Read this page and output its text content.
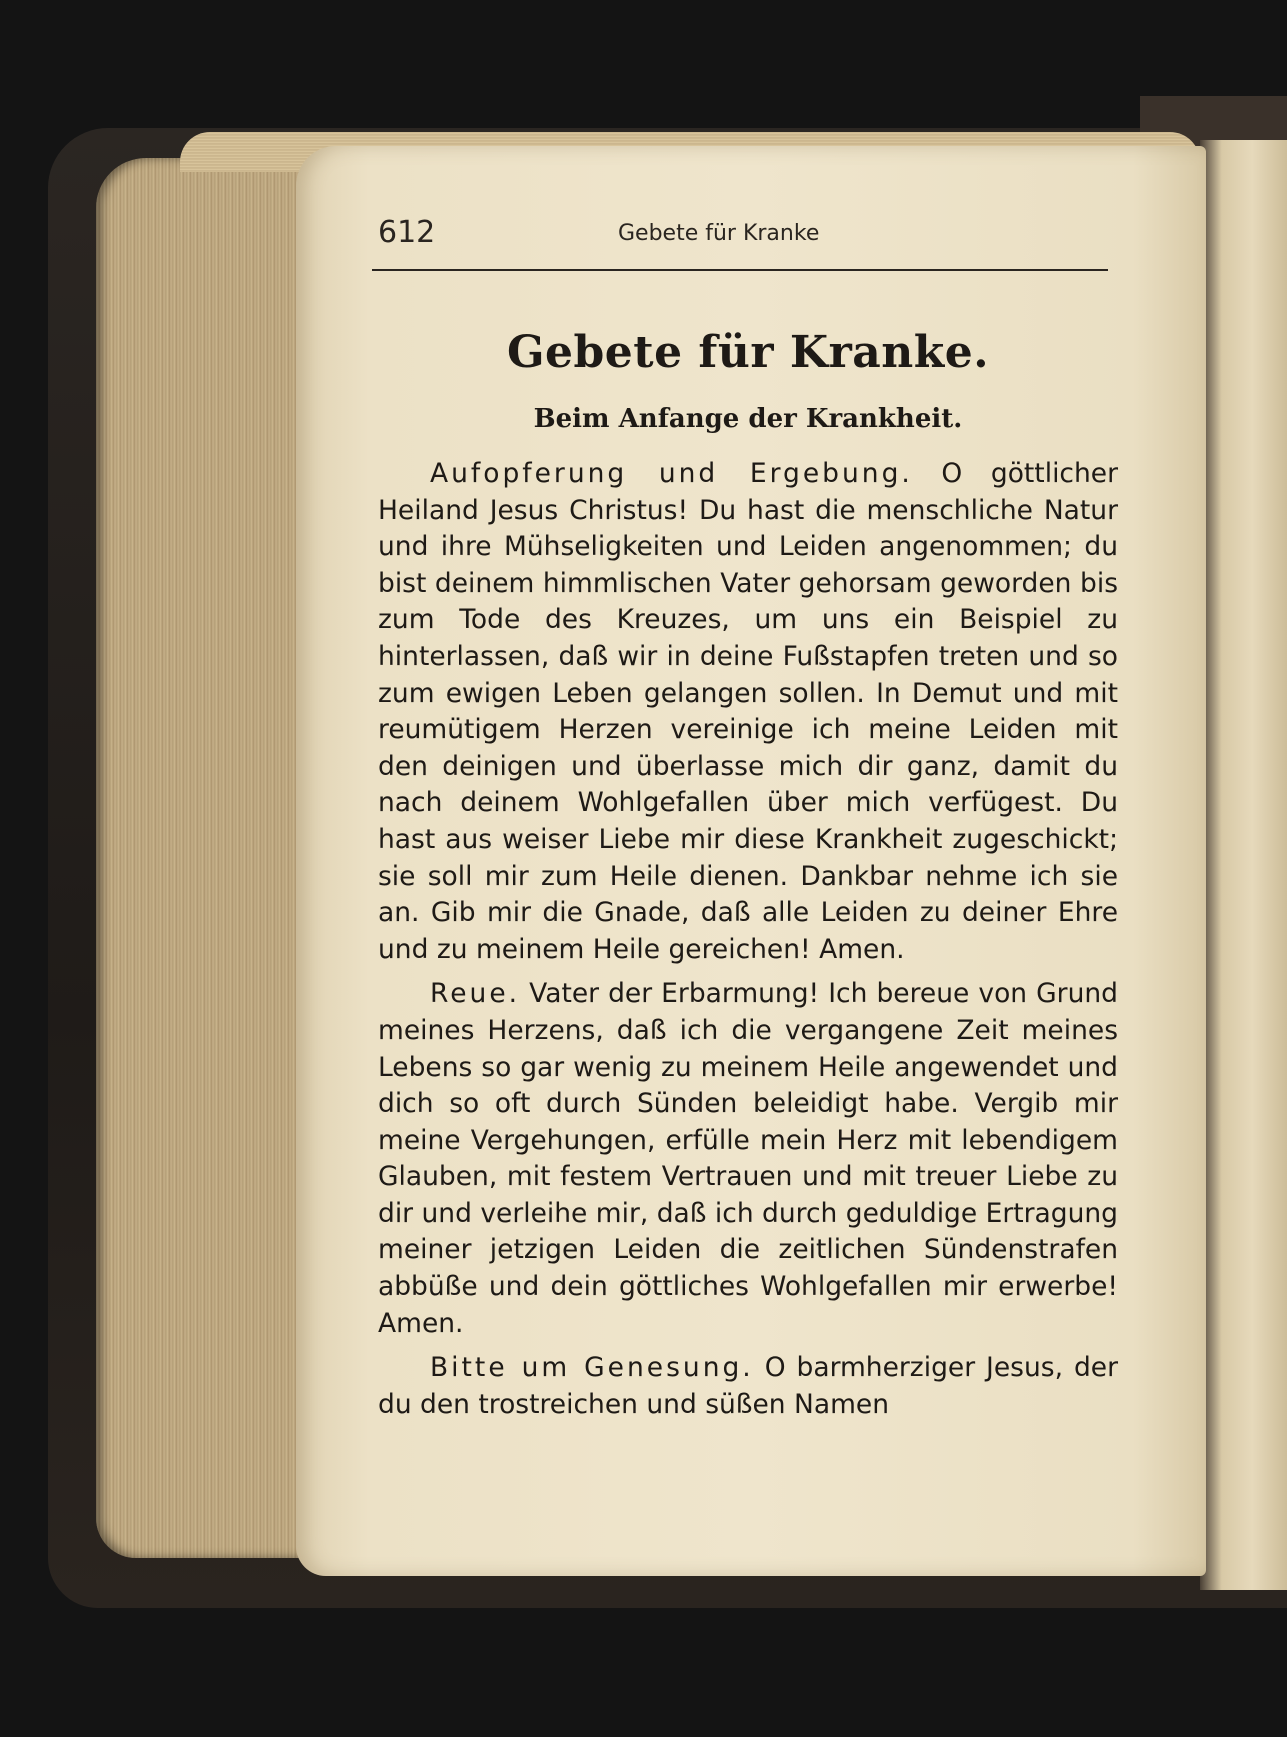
612	Gebete für Kranke
Gebete für Kranke.
Beim Anfange der Krankheit.

Aufopferung und Ergebung. O göttlicher Heiland Jesus Christus! Du hast die menschliche Natur und ihre Mühseligkeiten und Leiden angenommen; du bist deinem himmlischen Vater gehorsam geworden bis zum Tode des Kreuzes, um uns ein Beispiel zu hinterlassen, daß wir in deine Fußstapfen treten und so zum ewigen Leben gelangen sollen. In Demut und mit reumütigem Herzen vereinige ich meine Leiden mit den deinigen und überlasse mich dir ganz, damit du nach deinem Wohlgefallen über mich verfügest. Du hast aus weiser Liebe mir diese Krankheit zugeschickt; sie soll mir zum Heile dienen. Dankbar nehme ich sie an. Gib mir die Gnade, daß alle Leiden zu deiner Ehre und zu meinem Heile gereichen! Amen.

Reue. Vater der Erbarmung! Ich bereue von Grund meines Herzens, daß ich die vergangene Zeit meines Lebens so gar wenig zu meinem Heile angewendet und dich so oft durch Sünden beleidigt habe. Vergib mir meine Vergehungen, erfülle mein Herz mit lebendigem Glauben, mit festem Vertrauen und mit treuer Liebe zu dir und verleihe mir, daß ich durch geduldige Ertragung meiner jetzigen Leiden die zeitlichen Sündenstrafen abbüße und dein göttliches Wohlgefallen mir erwerbe! Amen.

Bitte um Genesung. O barmherziger Jesus, der du den trostreichen und süßen Namen
